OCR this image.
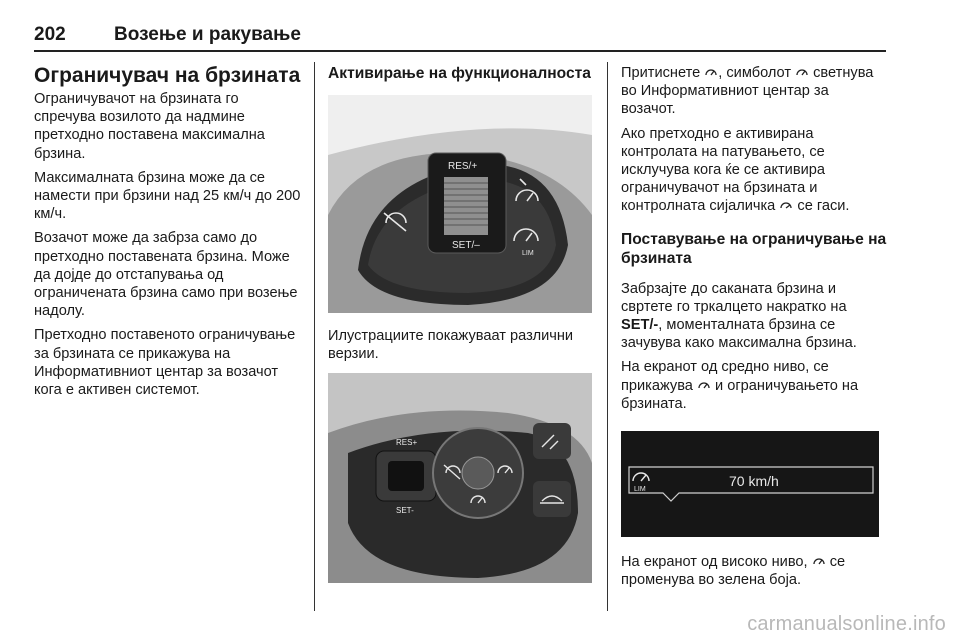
202	Возење и ракување
Ограничувач на брзината

Ограничувачот на брзината го спречува возилото да надмине претходно поставена максимална брзина.

Максималната брзина може да се намести при брзини над 25 км/ч до 200 км/ч.

Возачот може да забрза само до претходно поставената брзина. Може да дојде до отстапувања од ограничената брзина само при возење надолу.

Претходно поставеното ограничување за брзината се прикажува на Информативниот центар за возачот кога е активен системот.

Активирање на функционалноста
RES/+
SET/–
LIM

Илустрациите покажуваат различни верзии.

RES+
SET-

Притиснете , симболот  светнува во Информативниот центар за возачот.

Ако претходно е активирана контролата на патувањето, се исклучува кога ќе се активира ограничувачот на брзината и контролната сијаличка  се гаси.

Поставување на ограничување на брзината

Забрзајте до саканата брзина и свртете го тркалцето накратко на SET/-, моменталната брзина се зачувува како максимална брзина.

На екранот од средно ниво, се прикажува  и ограничувањето на брзината.

LIM
70 km/h

На екранот од високо ниво,  се променува во зелена боја.

carmanualsonline.info
